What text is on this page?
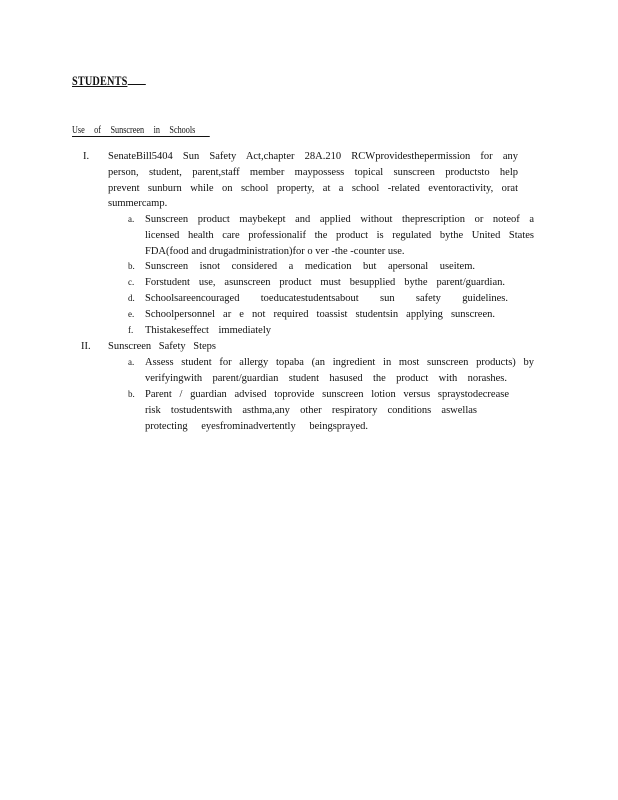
STUDENTS
Use of Sunscreen in Schools
I. SenateBill5404 Sun Safety Act,chapter 28A.210 RCWprovidesthepermission for any
person, student, parent,staff member maypossess topical sunscreen productsto help
prevent sunburn while on school property, at a school -related eventoractivity, orat
summercamp.
a. Sunscreen product maybekept and applied without theprescription or noteof a
licensed health care professionalif the product is regulated bythe United States
FDA(food and drugadministration)for o ver -the -counter use.
b. Sunscreen isnot considered a medication but apersonal useitem.
c. Forstudent use, asunscreen product must besupplied bythe parent/guardian.
d. Schoolsareencouraged toeducatestudentsabout sun safety guidelines.
e. Schoolpersonnel ar e not required toassist studentsin applying sunscreen.
f. Thistakeseffect immediately
II. Sunscreen Safety Steps
a. Assess student for allergy topaba (an ingredient in most sunscreen products) by
verifyingwith parent/guardian student hasused the product with norashes.
b. Parent / guardian advised toprovide sunscreen lotion versus spraystodecrease
risk tostudentswith asthma,any other respiratory conditions aswellas
protecting eyesfrominadvertently beingsprayed.
